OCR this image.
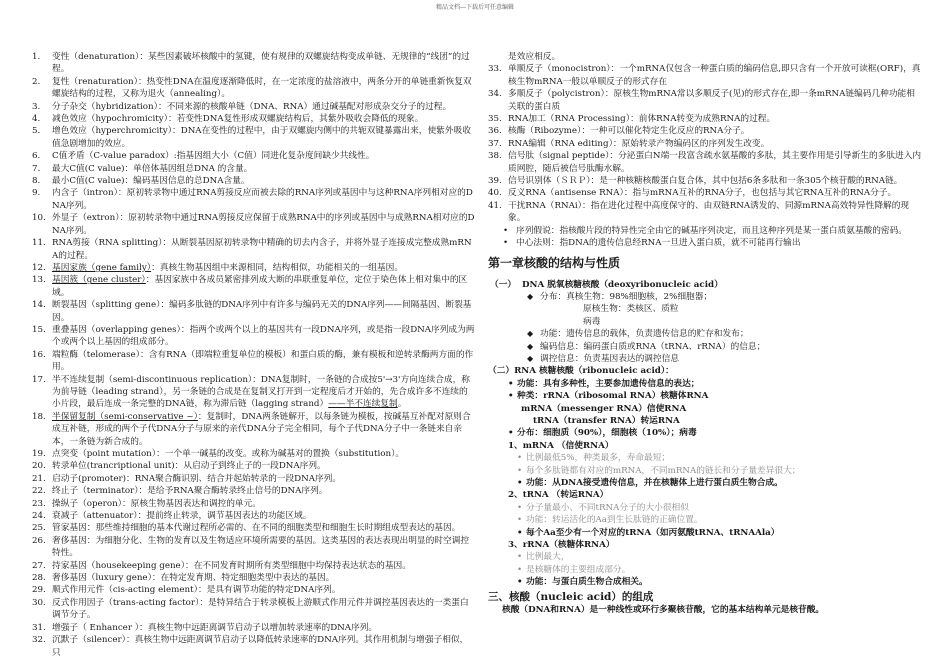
精品文档---下载后可任意编辑
1.	变性（denaturation）：某些因素破坏核酸中的氢键，使有规律的双螺旋结构变成单链、无规律的“线团”的过程。
2.	复性（renaturation）：热变性DNA在温度逐渐降低时，在一定浓度的盐溶液中，两条分开的单链重新恢复双螺旋结构的过程，又称为退火（annealing）。
3.	分子杂交（hybridization）：不同来源的核酸单链（DNA、RNA）通过碱基配对形成杂交分子的过程。
4.	减色效应（hypochromicity）：若变性DNA复性形成双螺旋结构后，其紫外吸收会降低的现象。
5.	增色效应（hyperchromicity）：DNA在变性的过程中，由于双螺旋内侧中的共轭双键暴露出来，使紫外吸收值急剧增加的效应。
6.	C值矛盾（C-value paradox）:指基因组大小（C值）同进化复杂度间缺少共线性。
7.	最大C值(C value)：单倍体基因组总DNA 的含量。
8.	最小C值(C value)：编码基因信息的总DNA含量。
9.	内含子（intron）：原初转录物中通过RNA剪接反应而被去除的RNA序列或基因中与这种RNA序列相对应的DNA序列。
10. 外显子（extron）：原初转录物中通过RNA剪接反应保留于成熟RNA中的序列或基因中与成熟RNA相对应的DNA序列。
11. RNA剪接（RNA splitting）：从断裂基因原初转录物中精确的切去内含子，并将外显子连接成完整成熟mRNA的过程。
12. 基因家族（gene family）：真核生物基因组中来源相同，结构相似，功能相关的一组基因。
13. 基因簇（gene cluster）：基因家族中各成员紧密排列成大断的串联重复单位，定位于染色体上相对集中的区域。
14. 断裂基因（splitting gene）：编码多肽链的DNA序列中有许多与编码无关的DNA序列——间隔基因、断裂基因。
15. 重叠基因（overlapping genes）：指两个或两个以上的基因共有一段DNA序列，或是指一段DNA序列成为两个或两个以上基因的组成部分。
16. 端粒酶（telomerase）：含有RNA（即端粒重复单位的模板）和蛋白质的酶，兼有模板和逆转录酶两方面的作用。
17. 半不连续复制（semi-discontinuous replication）：DNA复制时，一条链的合成按5'→3'方向连续合成，称为前导链（leading strand），另一条链的合成是在复制叉打开到一定程度后才开始的，先合成许多不连续的小片段，最后连成一条完整的DNA链，称为滞后链（lagging strand）——半不连续复制。
18. 半保留复制（semi-conservative ~）：复制时，DNA两条链解开，以每条链为模板，按碱基互补配对原则合成互补链，形成的两个子代DNA分子与原来的亲代DNA分子完全相同，每个子代DNA分子中一条链来自亲本，一条链为新合成的。
19. 点突变（point mutation）：一个单一碱基的改变。或称为碱基对的置换（substitution）。
20. 转录单位(trancriptional unit)：从启动子到终止子的一段DNA序列。
21. 启动子(promoter)：RNA聚合酶识别、结合并起始转录的一段DNA序列。
22. 终止子（terminator）：是给予RNA聚合酶转录终止信号的DNA序列。
23. 操纵子（operon）：原核生物基因表达和调控的单元。
24. 衰减子（attenuator）：提前终止转录，调节基因表达的功能区域。
25. 管家基因：那些维持细胞的基本代谢过程所必需的、在不同的细胞类型和细胞生长时期组成型表达的基因。
26. 奢侈基因：为细胞分化、生物的发育以及生物适应环境所需要的基因。这类基因的表达表现出明显的时空调控特性。
27. 持家基因（housekeeping gene）：在不同发育时期所有类型细胞中均保持表达状态的基因。
28. 奢侈基因（luxury gene）：在特定发育期、特定细胞类型中表达的基因。
29. 顺式作用元件（cis-acting element）：是具有调节功能的特定DNA序列。
30. 反式作用因子（trans-acting factor）：是特异结合于转录模板上游顺式作用元件并调控基因表达的一类蛋白调节分子。
31. 增强子（ Enhancer ）：真核生物中远距离调节启动子以增加转录速率的DNA序列。
32. 沉默子（silencer）：真核生物中远距离调节启动子以降低转录速率的DNA序列。其作用机制与增强子相似，只
是效应相反。
33. 单顺反子（monocistron）：一个mRNA仅包含一种蛋白质的编码信息,即只含有一个开放可读框(ORF)，真核生物mRNA一般以单顺反子的形式存在
34. 多顺反子（polycistron）：原核生物mRNA常以多顺反子(见)的形式存在,即一条mRNA链编码几种功能相关联的蛋白质
35. RNA加工（RNA Processing）：前体RNA转变为成熟RNA的过程。
36. 核酶（Ribozyme）：一种可以催化特定生化反应的RNA分子。
37. RNA编辑（RNA editing）：原始转录产物编码区的序列发生改变。
38. 信号肽（signal peptide）：分泌蛋白N端一段富含疏水氨基酸的多肽，其主要作用是引导新生的多肽进入内质网腔，随后被信号肽酶水解。
39. 信号识别体（ＳＲＰ）：是一种核糖核酸蛋白复合体，其中包括6条多肽和一条305个核苷酸的RNA链。
40. 反义RNA（antisense RNA）：指与mRNA互补的RNA分子，也包括与其它RNA互补的RNA分子。
41. 干扰RNA（RNAi）：指在进化过程中高度保守的、由双链RNA诱发的、同源mRNA高效特异性降解的现象。
•
序列假说：指核酸片段的特异性完全由它的碱基序列决定，而且这种序列是某一蛋白质氨基酸的密码。
•
中心法则：指DNA的遗传信息经RNA一旦进入蛋白质，就不可能再行输出
第一章核酸的结构与性质
（一） DNA 脱氧核糖核酸（deoxyribonucleic acid）
◆
分布：真核生物：98%细胞核，2%细胞器；
原核生物：类核区、质粒
病毒
◆
功能：遗传信息的载体，负责遗传信息的贮存和发布；
◆
编码信息：编码蛋白质或RNA（tRNA、rRNA）的信息；
◆
调控信息：负责基因表达的调控信息
（二）RNA 核糖核酸（ribonucleic acid）：
•
功能：具有多种性，主要参加遗传信息的表达；
•
种类：rRNA（ribosomal RNA）核糖体RNA
mRNA（messenger RNA）信使RNA
tRNA（transfer RNA）转运RNA
•
分布：细胞质（90%），细胞核（10%）；病毒
1、mRNA （信使RNA）
•
比例最低5%，种类最多，寿命最短；
•
每个多肽链都有对应的mRNA，不同mRNA的链长和分子量差异很大；
•
功能：从DNA接受遗传信息，并在核糖体上进行蛋白质生物合成。
2、tRNA （转运RNA）
•
分子量最小、不同tRNA分子的大小很相似
•
功能：转运活化的Aa到生长肽链的正确位置。
•
每个Aa至少有一个对应的tRNA（如丙氨酸tRNA、tRNAAla）
3、rRNA（核糖体RNA）
•
比例最大，
•
是核糖体的主要组成部分。
•
功能：与蛋白质生物合成相关。
三、核酸（nucleic acid）的组成
核酸（DNA和RNA）是一种线性或环行多聚核苷酸，它的基本结构单元是核苷酸。
